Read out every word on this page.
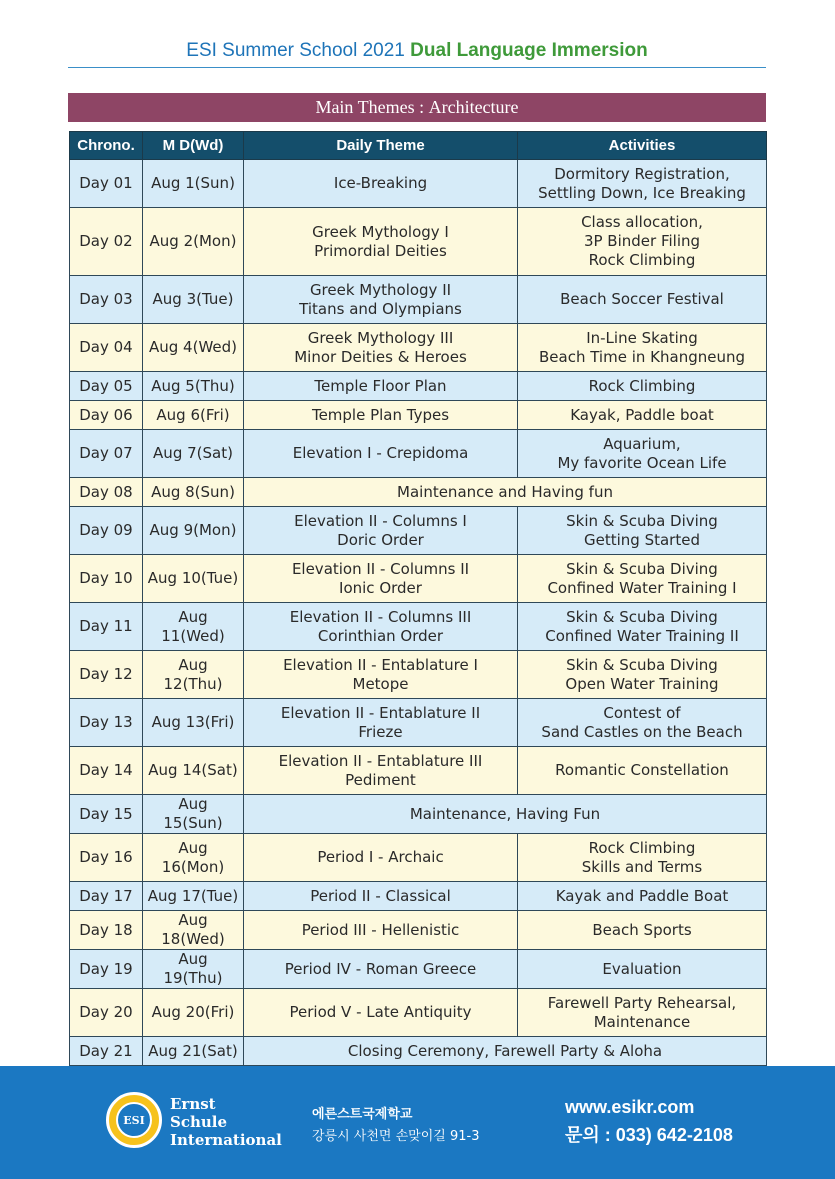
ESI Summer School 2021 Dual Language Immersion
Main Themes : Architecture
Chrono.	M D(Wd)	Daily Theme	Activities
Day 01	Aug 1(Sun)	Ice-Breaking	Dormitory Registration,
Settling Down, Ice Breaking

Day 02	Aug 2(Mon)	Greek Mythology I
Primordial Deities	Class allocation,
3P Binder Filing
Rock Climbing

Day 03	Aug 3(Tue)	Greek Mythology II
Titans and Olympians	Beach Soccer Festival

Day 04	Aug 4(Wed)	Greek Mythology III
Minor Deities & Heroes	In-Line Skating
Beach Time in Khangneung

Day 05	Aug 5(Thu)	Temple Floor Plan	Rock Climbing

Day 06	Aug 6(Fri)	Temple Plan Types	Kayak, Paddle boat

Day 07	Aug 7(Sat)	Elevation I - Crepidoma	Aquarium,
My favorite Ocean Life

Day 08	Aug 8(Sun)	Maintenance and Having fun	

Day 09	Aug 9(Mon)	Elevation II - Columns I
Doric Order	Skin & Scuba Diving
Getting Started

Day 10	Aug 10(Tue)	Elevation II - Columns II
Ionic Order	Skin & Scuba Diving
Confined Water Training I

Day 11	Aug 11(Wed)	Elevation II - Columns III
Corinthian Order	Skin & Scuba Diving
Confined Water Training II

Day 12	Aug 12(Thu)	Elevation II - Entablature I
Metope	Skin & Scuba Diving
Open Water Training

Day 13	Aug 13(Fri)	Elevation II - Entablature II
Frieze	Contest of
Sand Castles on the Beach

Day 14	Aug 14(Sat)	Elevation II - Entablature III
Pediment	Romantic Constellation

Day 15	Aug 15(Sun)	Maintenance, Having Fun	

Day 16	Aug 16(Mon)	Period I - Archaic	Rock Climbing
Skills and Terms

Day 17	Aug 17(Tue)	Period II - Classical	Kayak and Paddle Boat

Day 18	Aug 18(Wed)	Period III - Hellenistic	Beach Sports

Day 19	Aug 19(Thu)	Period IV - Roman Greece	Evaluation

Day 20	Aug 20(Fri)	Period V - Late Antiquity	Farewell Party Rehearsal,
Maintenance

Day 21	Aug 21(Sat)	Closing Ceremony, Farewell Party & Aloha	
ESI
Ernst
Schule
International
에른스트국제학교
강릉시 사천면 손맞이길 91-3
www.esikr.com
문의 : 033) 642-2108
